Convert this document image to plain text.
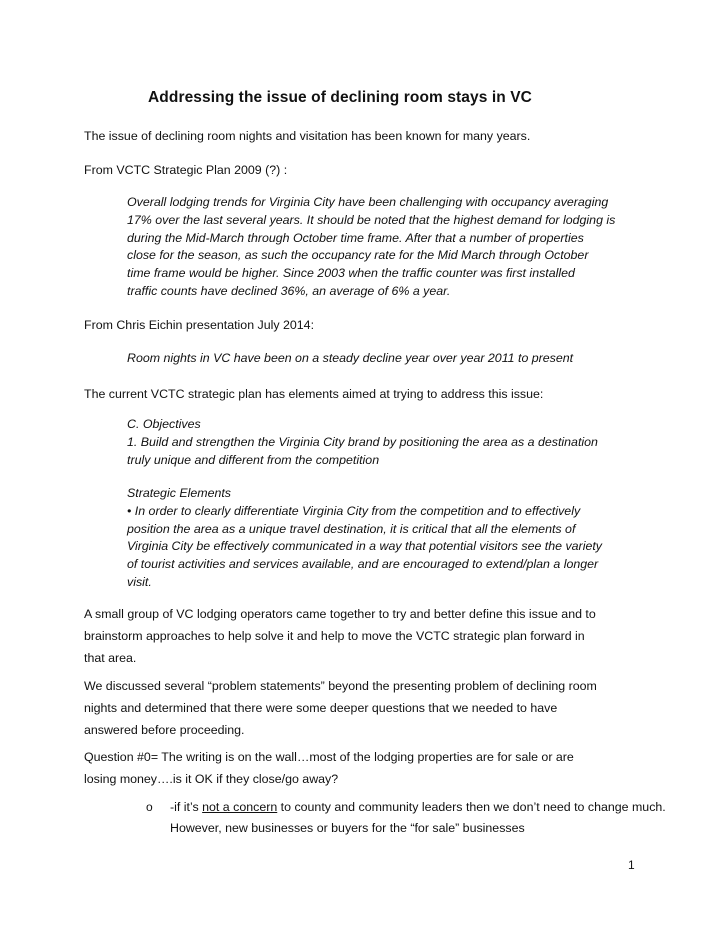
Addressing the issue of declining room stays in VC

The issue of declining room nights and visitation has been known for many years.

From VCTC Strategic Plan 2009 (?) :

Overall lodging trends for Virginia City have been challenging with occupancy averaging
17% over the last several years. It should be noted that the highest demand for lodging is
during the Mid-March through October time frame. After that a number of properties
close for the season, as such the occupancy rate for the Mid March through October
time frame would be higher. Since 2003 when the traffic counter was first installed
traffic counts have declined 36%, an average of 6% a year.

From Chris Eichin presentation July 2014:

Room nights in VC have been on a steady decline year over year 2011 to present

The current VCTC strategic plan has elements aimed at trying to address this issue:

C. Objectives
1. Build and strengthen the Virginia City brand by positioning the area as a destination
truly unique and different from the competition
Strategic Elements
• In order to clearly differentiate Virginia City from the competition and to effectively
position the area as a unique travel destination, it is critical that all the elements of
Virginia City be effectively communicated in a way that potential visitors see the variety
of tourist activities and services available, and are encouraged to extend/plan a longer
visit.
A small group of VC lodging operators came together to try and better define this issue and to
brainstorm approaches to help solve it and help to move the VCTC strategic plan forward in
that area.
We discussed several “problem statements” beyond the presenting problem of declining room
nights and determined that there were some deeper questions that we needed to have
answered before proceeding.
Question #0= The writing is on the wall…most of the lodging properties are for sale or are
losing money….is it OK if they close/go away?
o -if it’s not a concern to county and community leaders then we don’t need to change much. However, new businesses or buyers for the “for sale” businesses
1
